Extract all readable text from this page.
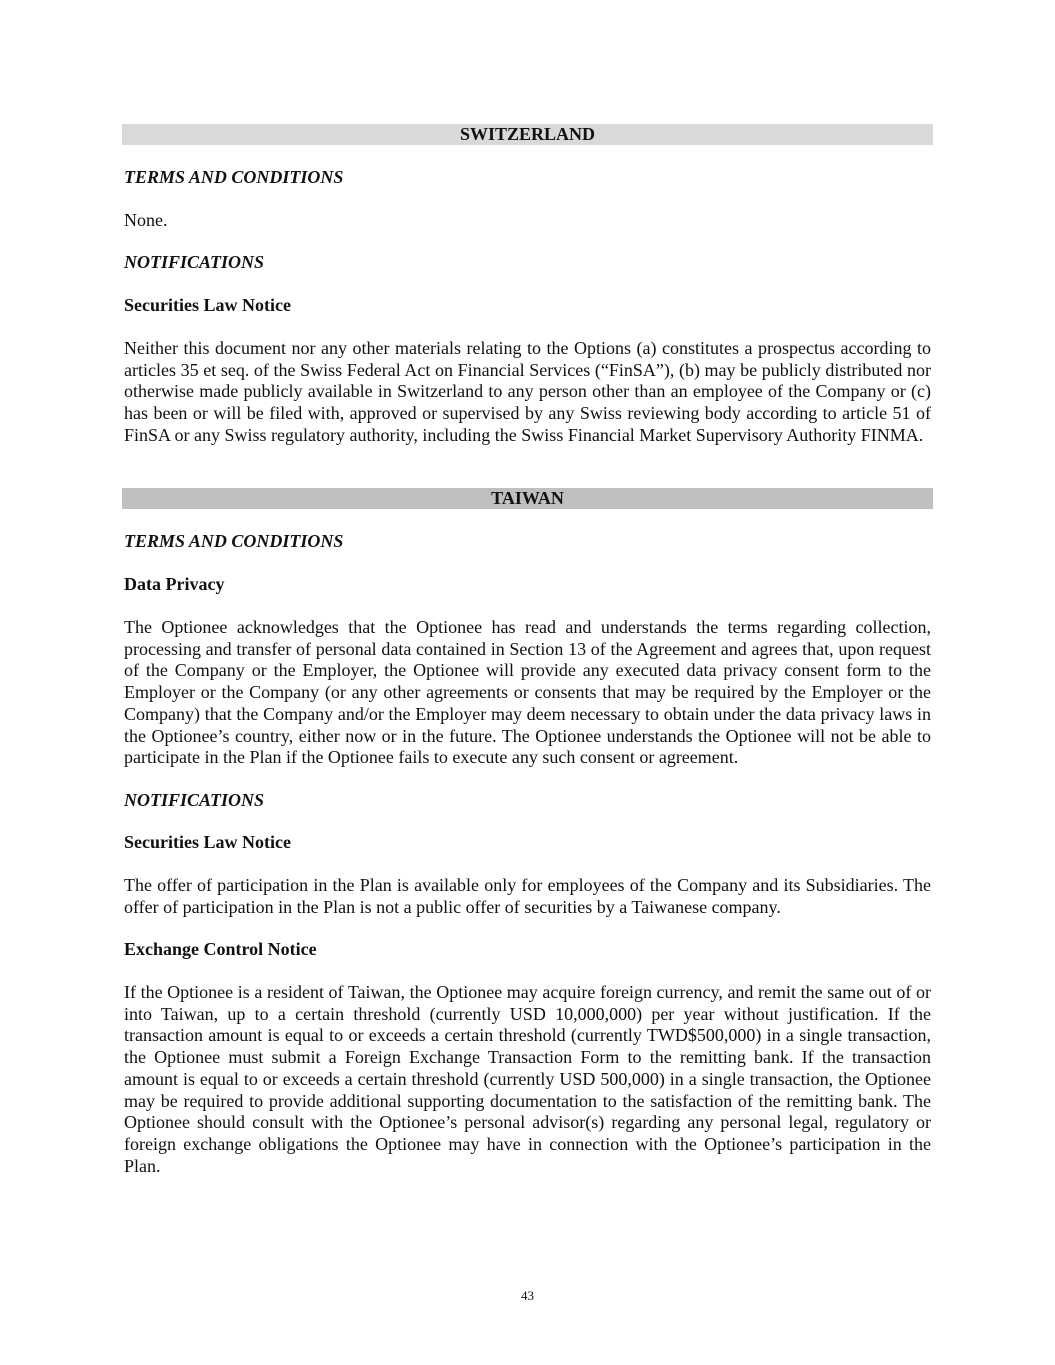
SWITZERLAND

TERMS AND CONDITIONS

None.

NOTIFICATIONS

Securities Law Notice

Neither this document nor any other materials relating to the Options (a) constitutes a prospectus according to articles 35 et seq. of the Swiss Federal Act on Financial Services (“FinSA”), (b) may be publicly distributed nor otherwise made publicly available in Switzerland to any person other than an employee of the Company or (c) has been or will be filed with, approved or supervised by any Swiss reviewing body according to article 51 of FinSA or any Swiss regulatory authority, including the Swiss Financial Market Supervisory Authority FINMA.

TAIWAN

TERMS AND CONDITIONS

Data Privacy

The Optionee acknowledges that the Optionee has read and understands the terms regarding collection, processing and transfer of personal data contained in Section 13 of the Agreement and agrees that, upon request of the Company or the Employer, the Optionee will provide any executed data privacy consent form to the Employer or the Company (or any other agreements or consents that may be required by the Employer or the Company) that the Company and/or the Employer may deem necessary to obtain under the data privacy laws in the Optionee’s country, either now or in the future. The Optionee understands the Optionee will not be able to participate in the Plan if the Optionee fails to execute any such consent or agreement.

NOTIFICATIONS

Securities Law Notice

The offer of participation in the Plan is available only for employees of the Company and its Subsidiaries. The offer of participation in the Plan is not a public offer of securities by a Taiwanese company.

Exchange Control Notice

If the Optionee is a resident of Taiwan, the Optionee may acquire foreign currency, and remit the same out of or into Taiwan, up to a certain threshold (currently USD 10,000,000) per year without justification. If the transaction amount is equal to or exceeds a certain threshold (currently TWD$500,000) in a single transaction, the Optionee must submit a Foreign Exchange Transaction Form to the remitting bank. If the transaction amount is equal to or exceeds a certain threshold (currently USD 500,000) in a single transaction, the Optionee may be required to provide additional supporting documentation to the satisfaction of the remitting bank. The Optionee should consult with the Optionee’s personal advisor(s) regarding any personal legal, regulatory or foreign exchange obligations the Optionee may have in connection with the Optionee’s participation in the Plan.

43
